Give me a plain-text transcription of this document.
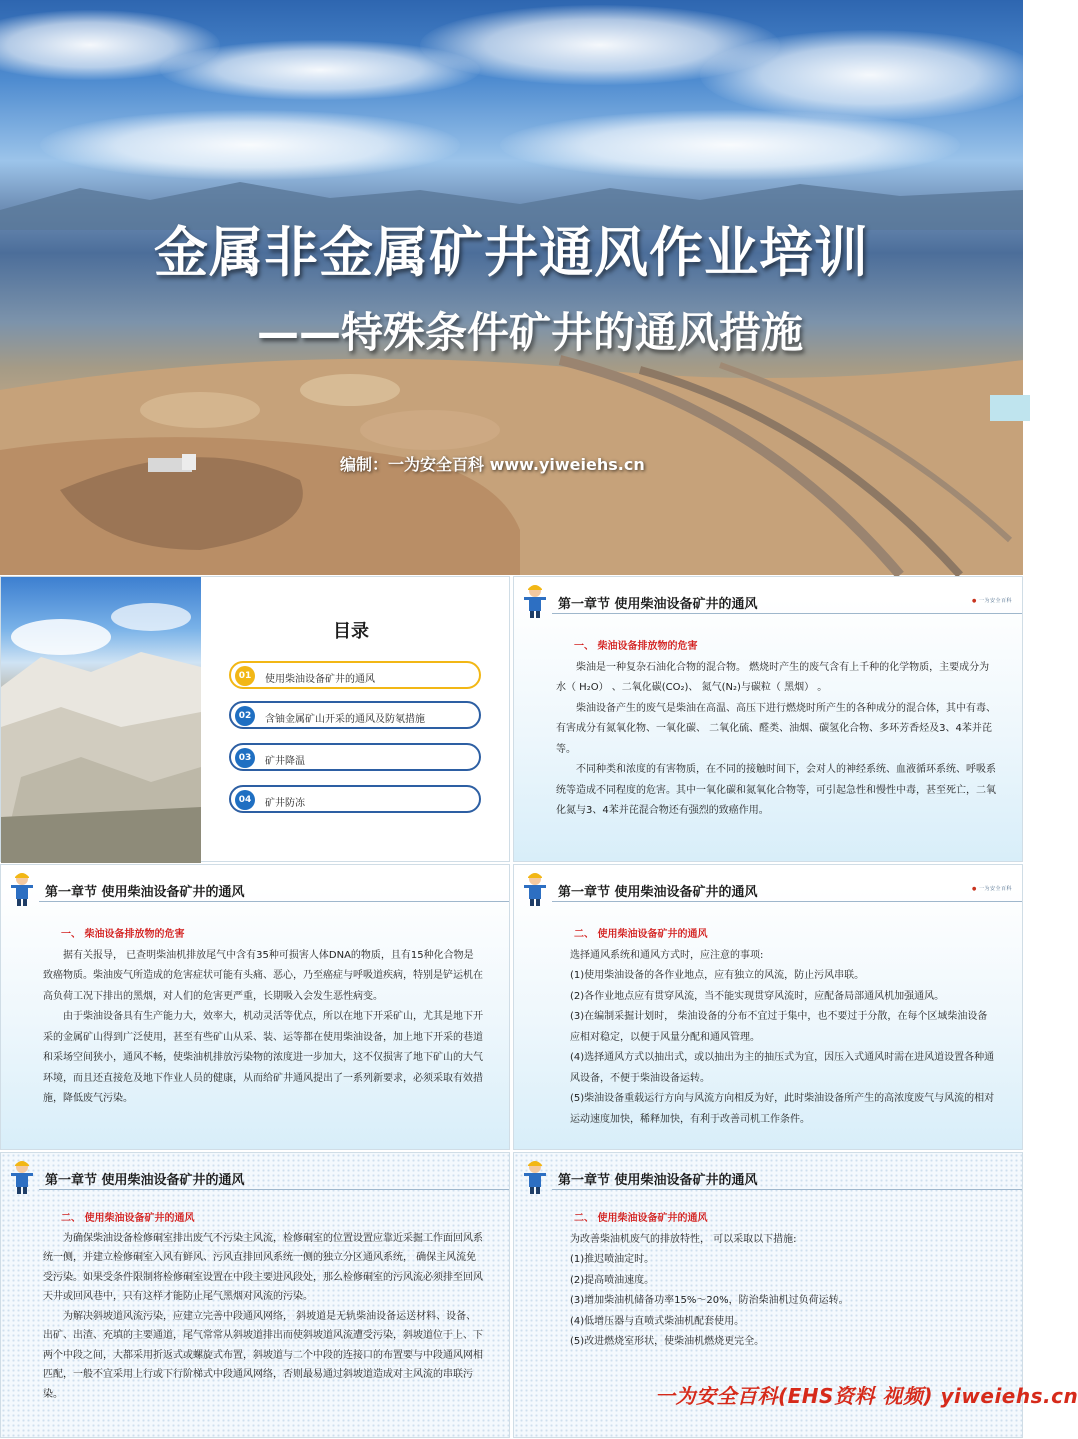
金属非金属矿井通风作业培训
——特殊条件矿井的通风措施
编制：一为安全百科 www.yiweiehs.cn
目录
01	使用柴油设备矿井的通风
02	含铀金属矿山开采的通风及防氡措施
03	矿井降温
04	矿井防冻
第一章节 使用柴油设备矿井的通风	● 一为安全百科
一、 柴油设备排放物的危害
柴油是一种复杂石油化合物的混合物。 燃烧时产生的废气含有上千种的化学物质，主要成分为水（ H₂O） 、二氧化碳(CO₂)、 氮气(N₂)与碳粒（ 黑烟） 。
柴油设备产生的废气是柴油在高温、高压下进行燃烧时所产生的各种成分的混合体，其中有毒、有害成分有氮氧化物、一氧化碳、 二氧化硫、醛类、油烟、碳氢化合物、多环芳香烃及3、4苯并芘等。
不同种类和浓度的有害物质，在不同的接触时间下，会对人的神经系统、血液循环系统、呼吸系统等造成不同程度的危害。其中一氧化碳和氮氧化合物等，可引起急性和慢性中毒，甚至死亡，二氧化氮与3、4苯并芘混合物还有强烈的致癌作用。
第一章节 使用柴油设备矿井的通风
一、 柴油设备排放物的危害
据有关报导， 已查明柴油机排放尾气中含有35种可损害人体DNA的物质，且有15种化合物是致癌物质。柴油废气所造成的危害症状可能有头痛、恶心，乃至癌症与呼吸道疾病，特别是铲运机在高负荷工况下排出的黑烟，对人们的危害更严重，长期吸入会发生恶性病变。
由于柴油设备具有生产能力大，效率大，机动灵活等优点，所以在地下开采矿山，尤其是地下开采的金属矿山得到广泛使用，甚至有些矿山从采、装、运等都在使用柴油设备，加上地下开采的巷道和采场空间狭小，通风不畅，使柴油机排放污染物的浓度进一步加大，这不仅损害了地下矿山的大气环境，而且还直接危及地下作业人员的健康，从而给矿井通风提出了一系列新要求，必须采取有效措施，降低废气污染。
第一章节 使用柴油设备矿井的通风	● 一为安全百科
二、 使用柴油设备矿井的通风
选择通风系统和通风方式时，应注意的事项:
(1)使用柴油设备的各作业地点，应有独立的风流，防止污风串联。
(2)各作业地点应有贯穿风流，当不能实现贯穿风流时，应配备局部通风机加强通风。
(3)在编制采掘计划时， 柴油设备的分布不宜过于集中，也不要过于分散，在每个区域柴油设备应相对稳定，以便于风量分配和通风管理。
(4)选择通风方式以抽出式，或以抽出为主的抽压式为宜，因压入式通风时需在进风道设置各种通风设备，不便于柴油设备运转。
(5)柴油设备重载运行方向与风流方向相反为好，此时柴油设备所产生的高浓度废气与风流的相对运动速度加快，稀释加快，有利于改善司机工作条件。
第一章节 使用柴油设备矿井的通风
二、 使用柴油设备矿井的通风
为确保柴油设备检修硐室排出废气不污染主风流，检修硐室的位置设置应靠近采掘工作面回风系统一侧，并建立检修硐室入风有鲜风、污风直排回风系统一侧的独立分区通风系统， 确保主风流免受污染。如果受条件限制将检修硐室设置在中段主要进风段处，那么检修硐室的污风流必须排至回风天井或回风巷中，只有这样才能防止尾气黑烟对风流的污染。
为解决斜坡道风流污染，应建立完善中段通风网络， 斜坡道是无轨柴油设备运送材料、设备、出矿、出渣、充填的主要通道，尾气常常从斜坡道排出而使斜坡道风流遭受污染，斜坡道位于上、下两个中段之间，大都采用折返式或螺旋式布置，斜坡道与二个中段的连接口的布置要与中段通风网相匹配，一般不宜采用上行或下行阶梯式中段通风网络，否则最易通过斜坡道造成对主风流的串联污染。
第一章节 使用柴油设备矿井的通风
二、 使用柴油设备矿井的通风
为改善柴油机废气的排放特性， 可以采取以下措施:
(1)推迟喷油定时。
(2)提高喷油速度。
(3)增加柴油机储备功率15%～20%，防治柴油机过负荷运转。
(4)低增压器与直喷式柴油机配套使用。
(5)改进燃烧室形状，使柴油机燃烧更完全。
一为安全百科(EHS资料 视频) yiweiehs.cn
